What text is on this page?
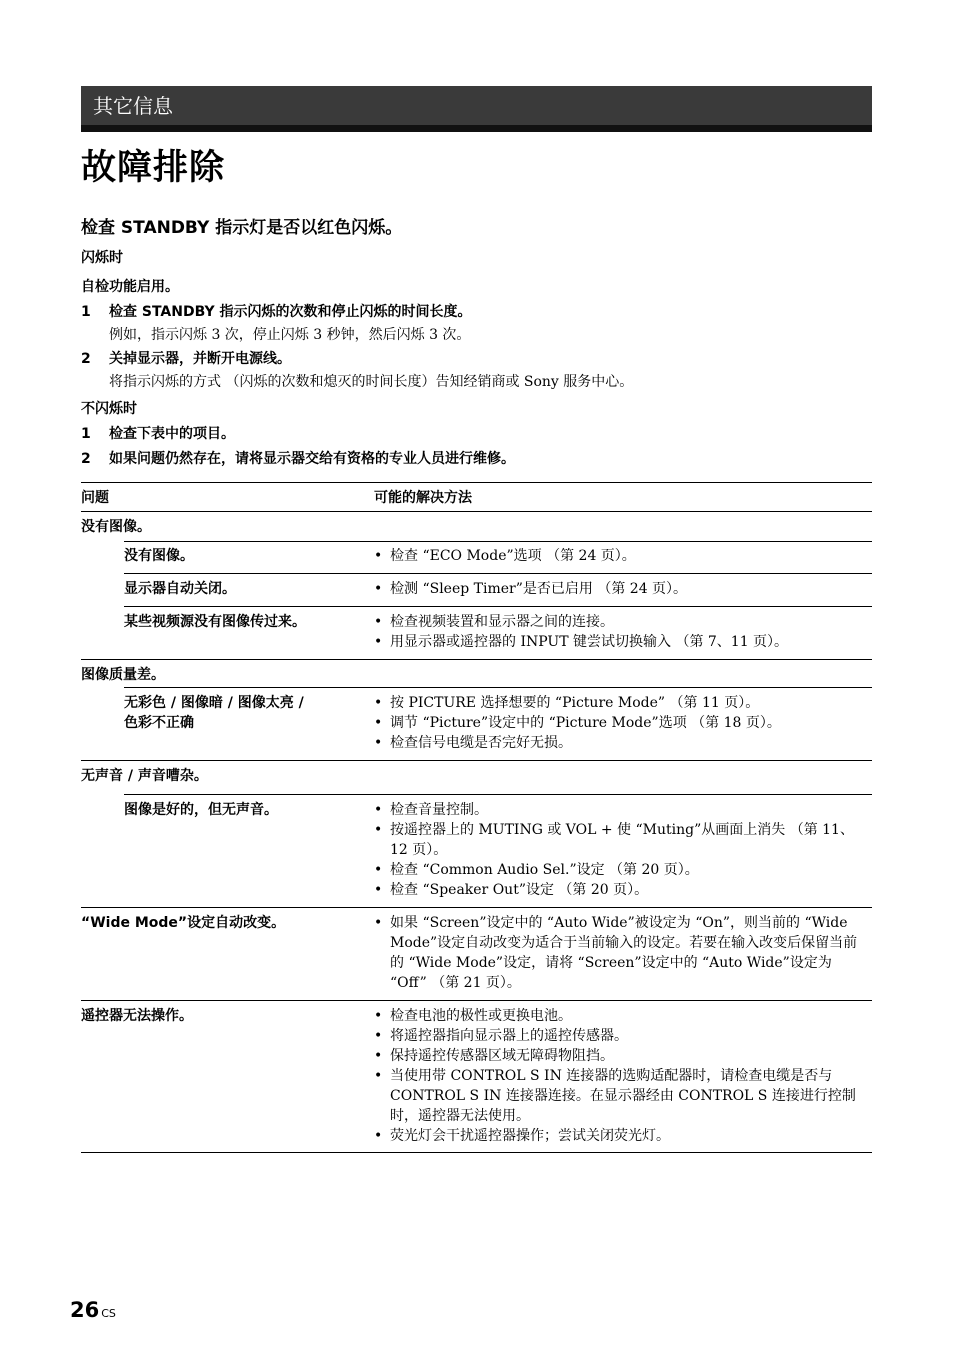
其它信息
故障排除
检查 STANDBY 指示灯是否以红色闪烁。
闪烁时
自检功能启用。
1 检查 STANDBY 指示闪烁的次数和停止闪烁的时间长度。
例如，指示闪烁 3 次，停止闪烁 3 秒钟，然后闪烁 3 次。
2 关掉显示器，并断开电源线。
将指示闪烁的方式 （闪烁的次数和熄灭的时间长度）告知经销商或 Sony 服务中心。
不闪烁时
1 检查下表中的项目。
2 如果问题仍然存在，请将显示器交给有资格的专业人员进行维修。
问题	可能的解决方法
没有图像。
没有图像。	• 检查 “ECO Mode”选项 （第 24 页）。
显示器自动关闭。	• 检测 “Sleep Timer”是否已启用 （第 24 页）。
某些视频源没有图像传过来。	• 检查视频装置和显示器之间的连接。
• 用显示器或遥控器的 INPUT 键尝试切换输入 （第 7、11 页）。
图像质量差。
无彩色 / 图像暗 / 图像太亮 /
色彩不正确
• 按 PICTURE 选择想要的 “Picture Mode” （第 11 页）。
• 调节 “Picture”设定中的 “Picture Mode”选项 （第 18 页）。
• 检查信号电缆是否完好无损。
无声音 / 声音嘈杂。
图像是好的，但无声音。	• 检查音量控制。
• 按遥控器上的 MUTING 或 VOL + 使 “Muting”从画面上消失 （第 11、12 页）。
• 检查 “Common Audio Sel.”设定 （第 20 页）。
• 检查 “Speaker Out”设定 （第 20 页）。
“Wide Mode”设定自动改变。	• 如果 “Screen”设定中的 “Auto Wide”被设定为 “On”，则当前的 “Wide Mode”设定自动改变为适合于当前输入的设定。若要在输入改变后保留当前的 “Wide Mode”设定，请将 “Screen”设定中的 “Auto Wide”设定为 “Off” （第 21 页）。
遥控器无法操作。	• 检查电池的极性或更换电池。
• 将遥控器指向显示器上的遥控传感器。
• 保持遥控传感器区域无障碍物阻挡。
• 当使用带 CONTROL S IN 连接器的选购适配器时，请检查电缆是否与 CONTROL S IN 连接器连接。在显示器经由 CONTROL S 连接进行控制时，遥控器无法使用。
• 荧光灯会干扰遥控器操作；尝试关闭荧光灯。
26 $^{CS}$
